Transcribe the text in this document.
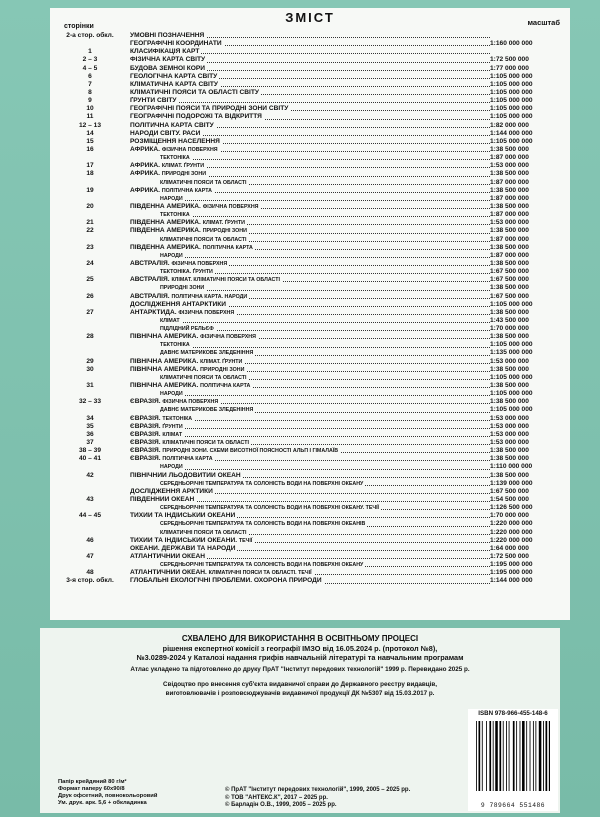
ЗМІСТ
сторінки	масштаб
2-а стор. обкл.	УМОВНІ ПОЗНАЧЕННЯ
ГЕОГРАФІЧНІ КООРДИНАТИ	1:160 000 000
1	КЛАСИФІКАЦІЯ КАРТ
2 – 3	ФІЗИЧНА КАРТА СВІТУ	1:72 500 000
4 – 5	БУДОВА ЗЕМНОЇ КОРИ	1:77 000 000
6	ГЕОЛОГІЧНА КАРТА СВІТУ	1:105 000 000
7	КЛІМАТИЧНА КАРТА СВІТУ	1:105 000 000
8	КЛІМАТИЧНІ ПОЯСИ ТА ОБЛАСТІ СВІТУ	1:105 000 000
9	ҐРУНТИ СВІТУ	1:105 000 000
10	ГЕОГРАФІЧНІ ПОЯСИ ТА ПРИРОДНІ ЗОНИ СВІТУ	1:105 000 000
11	ГЕОГРАФІЧНІ ПОДОРОЖІ ТА ВІДКРИТТЯ	1:105 000 000
12 – 13	ПОЛІТИЧНА КАРТА СВІТУ	1:82 000 000
14	НАРОДИ СВІТУ. РАСИ	1:144 000 000
15	РОЗМІЩЕННЯ НАСЕЛЕННЯ	1:105 000 000
16	АФРИКА. ФІЗИЧНА ПОВЕРХНЯ	1:38 500 000
ТЕКТОНІКА	1:87 000 000
17	АФРИКА. КЛІМАТ. ҐРУНТИ	1:53 000 000
18	АФРИКА. ПРИРОДНІ ЗОНИ	1:38 500 000
КЛІМАТИЧНІ ПОЯСИ ТА ОБЛАСТІ	1:87 000 000
19	АФРИКА. ПОЛІТИЧНА КАРТА	1:38 500 000
НАРОДИ	1:87 000 000
20	ПІВДЕННА АМЕРИКА. ФІЗИЧНА ПОВЕРХНЯ	1:38 500 000
ТЕКТОНІКА	1:87 000 000
21	ПІВДЕННА АМЕРИКА. КЛІМАТ. ҐРУНТИ	1:53 000 000
22	ПІВДЕННА АМЕРИКА. ПРИРОДНІ ЗОНИ	1:38 500 000
КЛІМАТИЧНІ ПОЯСИ ТА ОБЛАСТІ	1:87 000 000
23	ПІВДЕННА АМЕРИКА. ПОЛІТИЧНА КАРТА	1:38 500 000
НАРОДИ	1:87 000 000
24	АВСТРАЛІЯ. ФІЗИЧНА ПОВЕРХНЯ	1:38 500 000
ТЕКТОНІКА. ҐРУНТИ	1:67 500 000
25	АВСТРАЛІЯ. КЛІМАТ. КЛІМАТИЧНІ ПОЯСИ ТА ОБЛАСТІ	1:67 500 000
ПРИРОДНІ ЗОНИ	1:38 500 000
26	АВСТРАЛІЯ. ПОЛІТИЧНА КАРТА. НАРОДИ	1:67 500 000
ДОСЛІДЖЕННЯ АНТАРКТИКИ	1:105 000 000
27	АНТАРКТИДА. ФІЗИЧНА ПОВЕРХНЯ	1:38 500 000
КЛІМАТ	1:43 500 000
ПІДЛІДНИЙ РЕЛЬЄФ	1:70 000 000
28	ПІВНІЧНА АМЕРИКА. ФІЗИЧНА ПОВЕРХНЯ	1:38 500 000
ТЕКТОНІКА	1:105 000 000
ДАВНЄ МАТЕРИКОВЕ ЗЛЕДЕНІННЯ	1:135 000 000
29	ПІВНІЧНА АМЕРИКА. КЛІМАТ. ҐРУНТИ	1:53 000 000
30	ПІВНІЧНА АМЕРИКА. ПРИРОДНІ ЗОНИ	1:38 500 000
КЛІМАТИЧНІ ПОЯСИ ТА ОБЛАСТІ	1:105 000 000
31	ПІВНІЧНА АМЕРИКА. ПОЛІТИЧНА КАРТА	1:38 500 000
НАРОДИ	1:105 000 000
32 – 33	ЄВРАЗІЯ. ФІЗИЧНА ПОВЕРХНЯ	1:38 500 000
ДАВНЄ МАТЕРИКОВЕ ЗЛЕДЕНІННЯ	1:105 000 000
34	ЄВРАЗІЯ. ТЕКТОНІКА	1:53 000 000
35	ЄВРАЗІЯ. ҐРУНТИ	1:53 000 000
36	ЄВРАЗІЯ. КЛІМАТ	1:53 000 000
37	ЄВРАЗІЯ. КЛІМАТИЧНІ ПОЯСИ ТА ОБЛАСТІ	1:53 000 000
38 – 39	ЄВРАЗІЯ. ПРИРОДНІ ЗОНИ. СХЕМИ ВИСОТНОЇ ПОЯСНОСТІ АЛЬП І ГІМАЛАЇВ	1:38 500 000
40 – 41	ЄВРАЗІЯ. ПОЛІТИЧНА КАРТА	1:38 500 000
НАРОДИ	1:110 000 000
42	ПІВНІЧНИЙ ЛЬОДОВИТИЙ ОКЕАН	1:38 500 000
СЕРЕДНЬОРІЧНІ ТЕМПЕРАТУРА ТА СОЛОНІСТЬ ВОДИ НА ПОВЕРХНІ ОКЕАНУ	1:139 000 000
ДОСЛІДЖЕННЯ АРКТИКИ	1:67 500 000
43	ПІВДЕННИЙ ОКЕАН	1:54 500 000
СЕРЕДНЬОРІЧНІ ТЕМПЕРАТУРА ТА СОЛОНІСТЬ ВОДИ НА ПОВЕРХНІ ОКЕАНУ. ТЕЧІЇ	1:126 500 000
44 – 45	ТИХИЙ ТА ІНДІЙСЬКИЙ ОКЕАНИ	1:70 000 000
СЕРЕДНЬОРІЧНІ ТЕМПЕРАТУРА ТА СОЛОНІСТЬ ВОДИ НА ПОВЕРХНІ ОКЕАНІВ	1:220 000 000
КЛІМАТИЧНІ ПОЯСИ ТА ОБЛАСТІ	1:220 000 000
46	ТИХИЙ ТА ІНДІЙСЬКИЙ ОКЕАНИ. ТЕЧІЇ	1:220 000 000
ОКЕАНИ. ДЕРЖАВИ ТА НАРОДИ	1:64 000 000
47	АТЛАНТИЧНИЙ ОКЕАН	1:72 500 000
СЕРЕДНЬОРІЧНІ ТЕМПЕРАТУРА ТА СОЛОНІСТЬ ВОДИ НА ПОВЕРХНІ ОКЕАНУ	1:195 000 000
48	АТЛАНТИЧНИЙ ОКЕАН. КЛІМАТИЧНІ ПОЯСИ ТА ОБЛАСТІ. ТЕЧІЇ	1:195 000 000
3-я стор. обкл.	ГЛОБАЛЬНІ ЕКОЛОГІЧНІ ПРОБЛЕМИ. ОХОРОНА ПРИРОДИ	1:144 000 000
СХВАЛЕНО ДЛЯ ВИКОРИСТАННЯ В ОСВІТНЬОМУ ПРОЦЕСІ
рішення експертної комісії з географії ІМЗО від 16.05.2024 р. (протокол №8),
№3.0289-2024 у Каталозі надання грифів навчальній літературі та навчальним програмам
Атлас укладено та підготовлено до друку ПрАТ "Інститут передових технологій" 1999 р. Перевидано 2025 р.
Свідоцтво про внесення суб'єкта видавничої справи до Державного реєстру видавців,
виготовлювачів і розповсюджувачів видавничої продукції ДК №5307 від 15.03.2017 р.
Папір крейдяний 80 г/м²
Формат паперу 60х90/8
Друк офсетний, повнокольоровий
Ум. друк. арк. 5,6 + обкладинка
© ПрАТ "Інститут передових технологій", 1999, 2005 – 2025 рр.
© ТОВ "АНТЕКС.К", 2017 – 2025 рр.
© Барладін О.В., 1999, 2005 – 2025 рр.
ISBN 978-966-455-148-6
9 789664 551486
